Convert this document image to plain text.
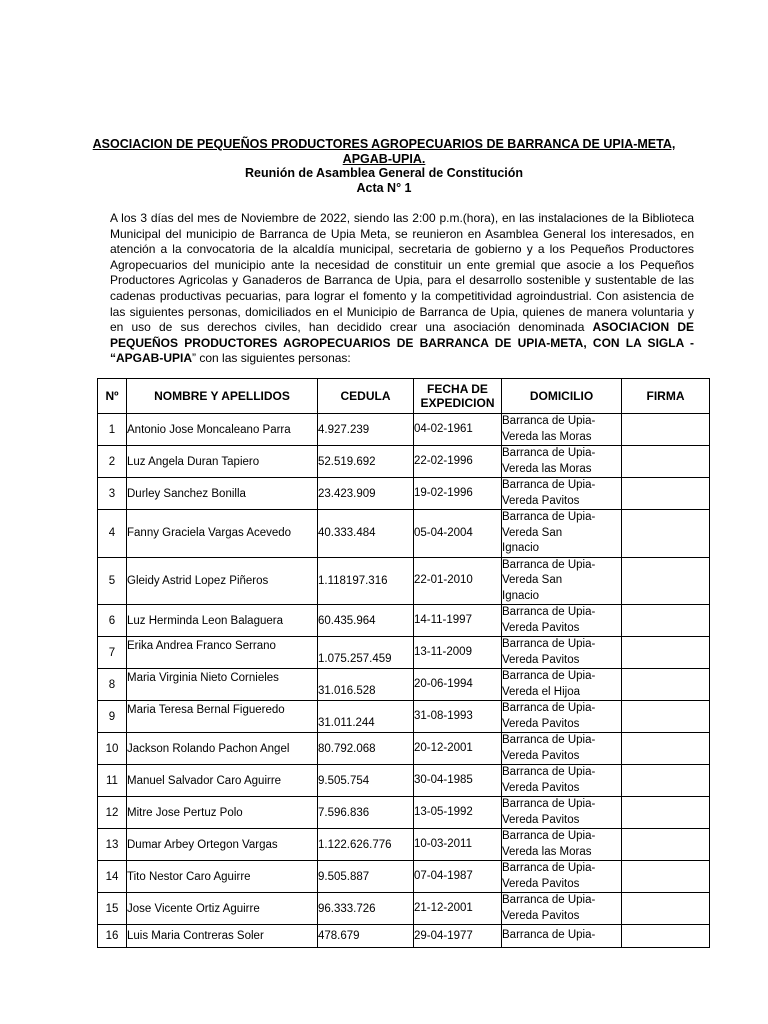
ASOCIACION DE PEQUEÑOS PRODUCTORES AGROPECUARIOS DE BARRANCA DE UPIA-META,
APGAB-UPIA.
Reunión de Asamblea General de Constitución
Acta N° 1
A los 3 días del mes de Noviembre de 2022, siendo las 2:00 p.m.(hora), en las instalaciones de la Biblioteca Municipal del municipio de Barranca de Upia Meta, se reunieron en Asamblea General los interesados, en atención a la convocatoria de la alcaldía municipal, secretaria de gobierno y a los Pequeños Productores Agropecuarios del municipio ante la necesidad de constituir un ente gremial que asocie a los Pequeños Productores Agricolas y Ganaderos de Barranca de Upia, para el desarrollo sostenible y sustentable de las cadenas productivas pecuarias, para lograr el fomento y la competitividad agroindustrial. Con asistencia de las siguientes personas, domiciliados en el Municipio de Barranca de Upia, quienes de manera voluntaria y en uso de sus derechos civiles, han decidido crear una asociación denominada ASOCIACION DE PEQUEÑOS PRODUCTORES AGROPECUARIOS DE BARRANCA DE UPIA-META, CON LA SIGLA - “APGAB-UPIA” con las siguientes personas:
Nº	NOMBRE Y APELLIDOS	CEDULA	FECHA DE EXPEDICION	DOMICILIO	FIRMA
1	Antonio Jose Moncaleano Parra	4.927.239	04-02-1961	Barranca de Upia-
Vereda las Moras	

2	Luz Angela Duran Tapiero	52.519.692	22-02-1996	Barranca de Upia-
Vereda las Moras	

3	Durley Sanchez Bonilla	23.423.909	19-02-1996	Barranca de Upia-
Vereda Pavitos	

4	Fanny Graciela Vargas Acevedo	40.333.484	05-04-2004	Barranca de Upia-
Vereda San
Ignacio	

5	Gleidy Astrid Lopez Piñeros	1.118197.316	22-01-2010	Barranca de Upia-
Vereda San
Ignacio	

6	Luz Herminda Leon Balaguera	60.435.964	14-11-1997	Barranca de Upia-
Vereda Pavitos	

7	Erika Andrea Franco Serrano	1.075.257.459	13-11-2009	Barranca de Upia-
Vereda Pavitos	

8	Maria Virginia Nieto Cornieles	31.016.528	20-06-1994	Barranca de Upia-
Vereda el Hijoa	

9	Maria Teresa Bernal Figueredo	31.011.244	31-08-1993	Barranca de Upia-
Vereda Pavitos	

10	Jackson Rolando Pachon Angel	80.792.068	20-12-2001	Barranca de Upia-
Vereda Pavitos	

11	Manuel Salvador Caro Aguirre	9.505.754	30-04-1985	Barranca de Upia-
Vereda Pavitos	

12	Mitre Jose Pertuz Polo	7.596.836	13-05-1992	Barranca de Upia-
Vereda Pavitos	

13	Dumar Arbey Ortegon Vargas	1.122.626.776	10-03-2011	Barranca de Upia-
Vereda las Moras	

14	Tito Nestor Caro Aguirre	9.505.887	07-04-1987	Barranca de Upia-
Vereda Pavitos	

15	Jose Vicente Ortiz Aguirre	96.333.726	21-12-2001	Barranca de Upia-
Vereda Pavitos	

16	Luis Maria Contreras Soler	478.679	29-04-1977	Barranca de Upia-	
